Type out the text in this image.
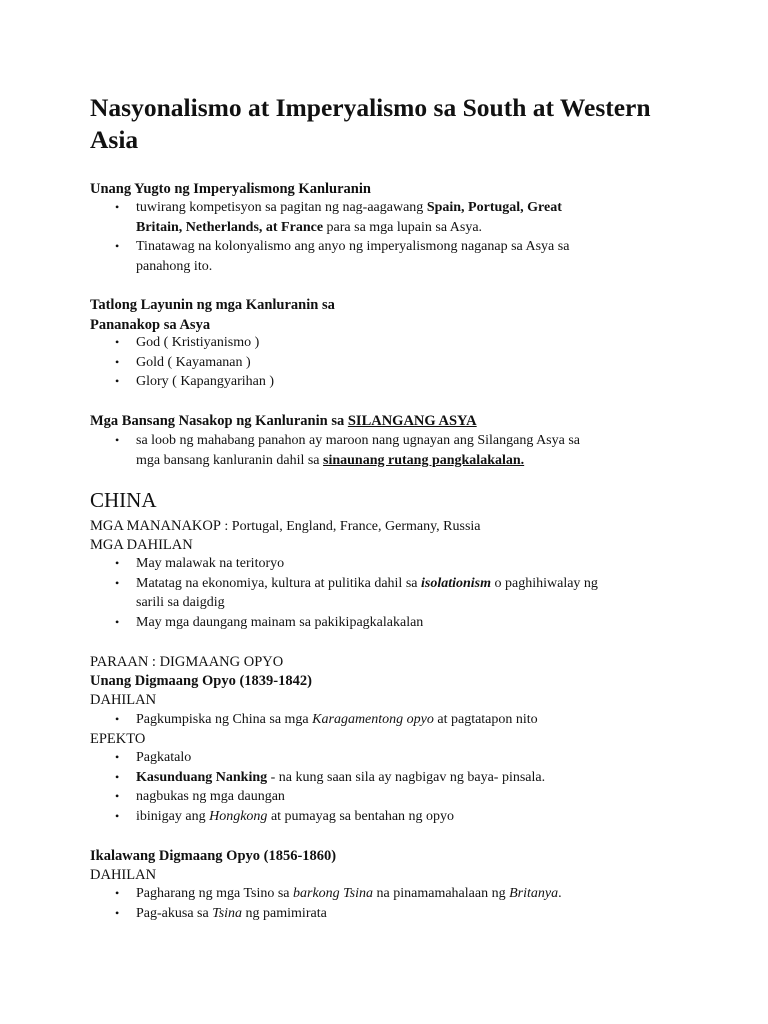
Nasyonalismo at Imperyalismo sa South at Western Asia

Unang Yugto ng Imperyalismong Kanluranin

• tuwirang kompetisyon sa pagitan ng nag-aagawang Spain, Portugal, Great
Britain, Netherlands, at France para sa mga lupain sa Asya.
• Tinatawag na kolonyalismo ang anyo ng imperyalismong naganap sa Asya sa
panahong ito.

Tatlong Layunin ng mga Kanluranin sa
Pananakop sa Asya

• God ( Kristiyanismo )
• Gold ( Kayamanan )
• Glory ( Kapangyarihan )

Mga Bansang Nasakop ng Kanluranin sa SILANGANG ASYA

• sa loob ng mahabang panahon ay maroon nang ugnayan ang Silangang Asya sa
mga bansang kanluranin dahil sa sinaunang rutang pangkalakalan.
CHINA

MGA MANANAKOP : Portugal, England, France, Germany, Russia

MGA DAHILAN

• May malawak na teritoryo
• Matatag na ekonomiya, kultura at pulitika dahil sa isolationism o paghihiwalay ng
sarili sa daigdig
• May mga daungang mainam sa pakikipagkalakalan

PARAAN : DIGMAANG OPYO

Unang Digmaang Opyo (1839-1842)

DAHILAN

• Pagkumpiska ng China sa mga Karagamentong opyo at pagtatapon nito

EPEKTO

• Pagkatalo
• Kasunduang Nanking - na kung saan sila ay nagbigav ng baya- pinsala.
• nagbukas ng mga daungan
• ibinigay ang Hongkong at pumayag sa bentahan ng opyo

Ikalawang Digmaang Opyo (1856-1860)

DAHILAN

• Pagharang ng mga Tsino sa barkong Tsina na pinamamahalaan ng Britanya.
• Pag-akusa sa Tsina ng pamimirata
